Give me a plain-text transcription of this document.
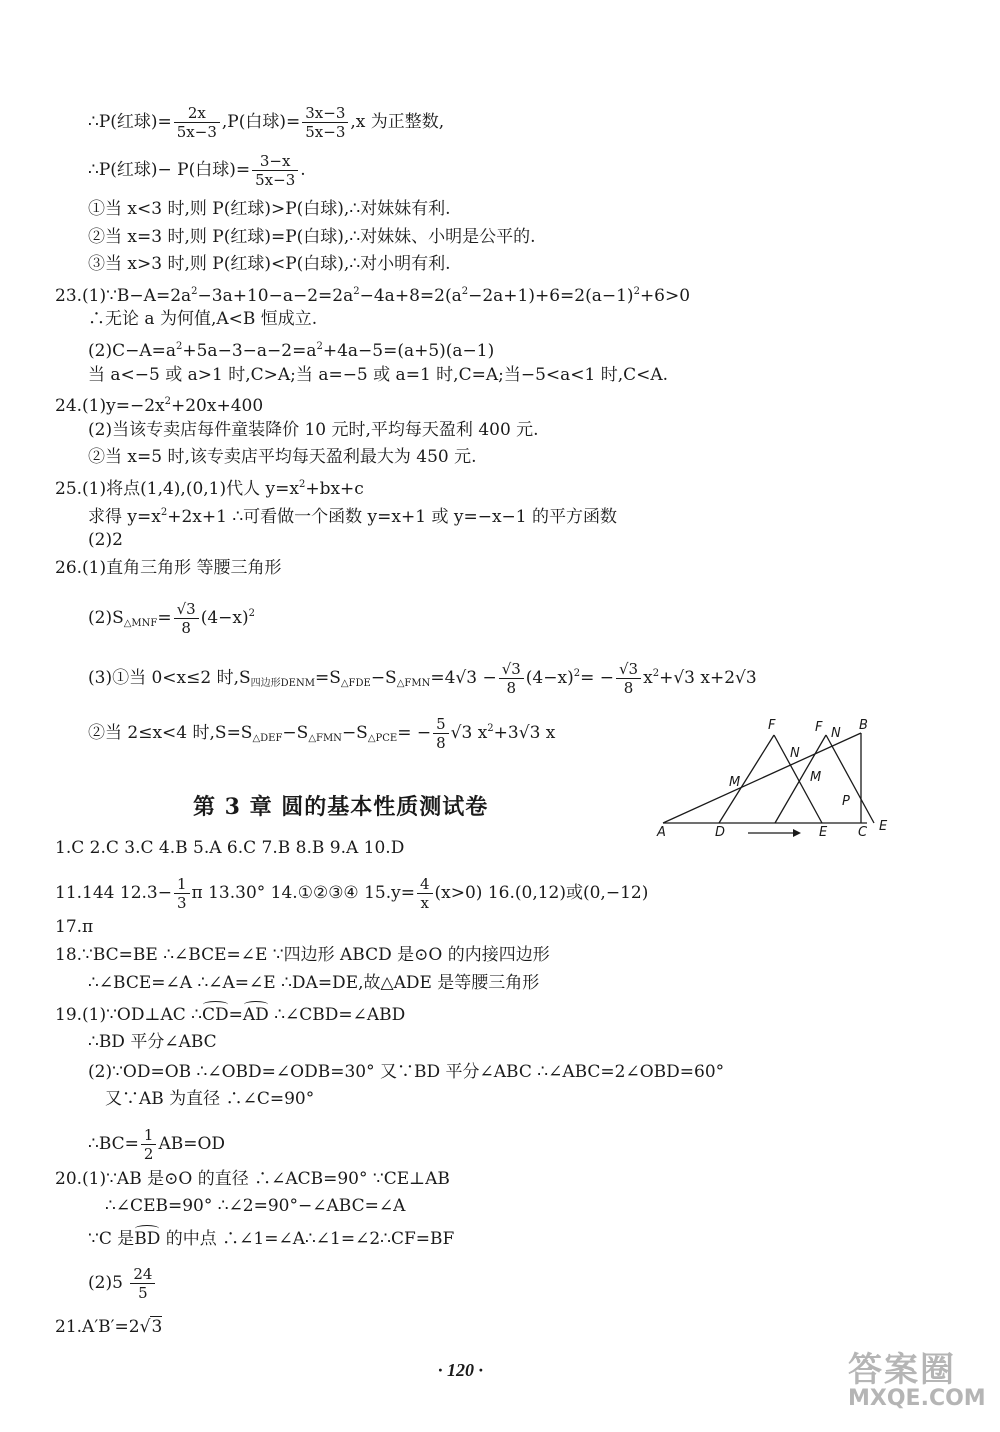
∴P(红球)= $\frac{2x}{5x-3} ,P$(白球)= $\frac{3x-3}{5x-3} ,x$ 为正整数,
∴P(红球)− P(白球)= $\frac{3-x}{5x-3}$ .
①当 x<3 时,则 P(红球)>P(白球),∴对妹妹有利.
②当 x=3 时,则 P(红球)=P(白球),∴对妹妹、小明是公平的.
③当 x>3 时,则 P(红球)<P(白球),∴对小明有利.
$23.(1)\because B-A=2a^2-3a+10-a-2=2a^2-4a+8=2(a^2-2a+1)+6=2(a-1)^2+6>0$
∴无论 a 为何值,A<B 恒成立.
$(2)C-A=a^2+5a-3-a-2=a^2+4a-5=(a+5)(a-1)$
当 a<−5 或 a>1 时,C>A;当 a=−5 或 a=1 时,C=A;当−5<a<1 时,C<A.
$24.(1)y=-2x^2+20x+400$
(2)当该专卖店每件童装降价 10 元时,平均每天盈利 400 元.
②当 x=5 时,该专卖店平均每天盈利最大为 450 元.
25.(1)将点(1,4),(0,1)代人 $y=x^2+bx+c$
求得 $y=x^2+2x+1$ ∴可看做一个函数 y=x+1 或 y=−x−1 的平方函数
(2)2
26.(1)直角三角形 等腰三角形
$(2)S_{\triangle MNF}= \frac{√3}{8} (4-x)^2$
(3)①当 0<x≤2 时$,S_{四边形DENM}=S_{\triangle FDE}-S_{\triangle FMN}=4√3 - \frac{√3}{8} (4-x)^2= - \frac{√3}{8} x^2+√3$ x+2√3
②当 2≤x<4 时$,S=S_{\triangle DEF}-S_{\triangle FMN}-S_{\triangle PCE}= - \frac{5}{8} √3$ $x^2+3√3$ x	F	F N
B
N
M	M
P
A	D	E C E
第 3 章 圆的基本性质测试卷
1.C 2.C 3.C 4.B 5.A 6.C 7.B 8.B 9.A 10.D
11.144 $12.3- \frac{1}{3}$ π 13.30° 14.①②③④ $15.y= \frac{4}{x} (x>0)$ 16.(0,12)或(0,−12)
17.π
18.∵BC=BE ∴∠BCE=∠E ∵四边形 ABCD 是⊙O 的内接四边形
∴∠BCE=∠A ∴∠A=∠E ∴DA=DE,故△ADE 是等腰三角形
19.(1)∵OD⊥AC ∴CD=AD ∴∠CBD=∠ABD
∴BD 平分∠ABC
(2)∵OD=OB ∴∠OBD=∠ODB=30° 又∵BD 平分∠ABC ∴∠ABC=2∠OBD=60°
又∵AB 为直径 ∴∠C=90°
∴BC= $\frac{1}{2} AB=OD$
20.(1)∵AB 是⊙O 的直径 ∴∠ACB=90° ∵CE⊥AB
∴∠CEB=90° ∴∠2=90°−∠ABC=∠A
∵C 是BD 的中点 ∴∠1=∠A∴∠1=∠2∴CF=BF
$(2)5 \frac{24}{5}$
21.A′B′=2√3
· 120 ·	答案圈
MXQE.COM
